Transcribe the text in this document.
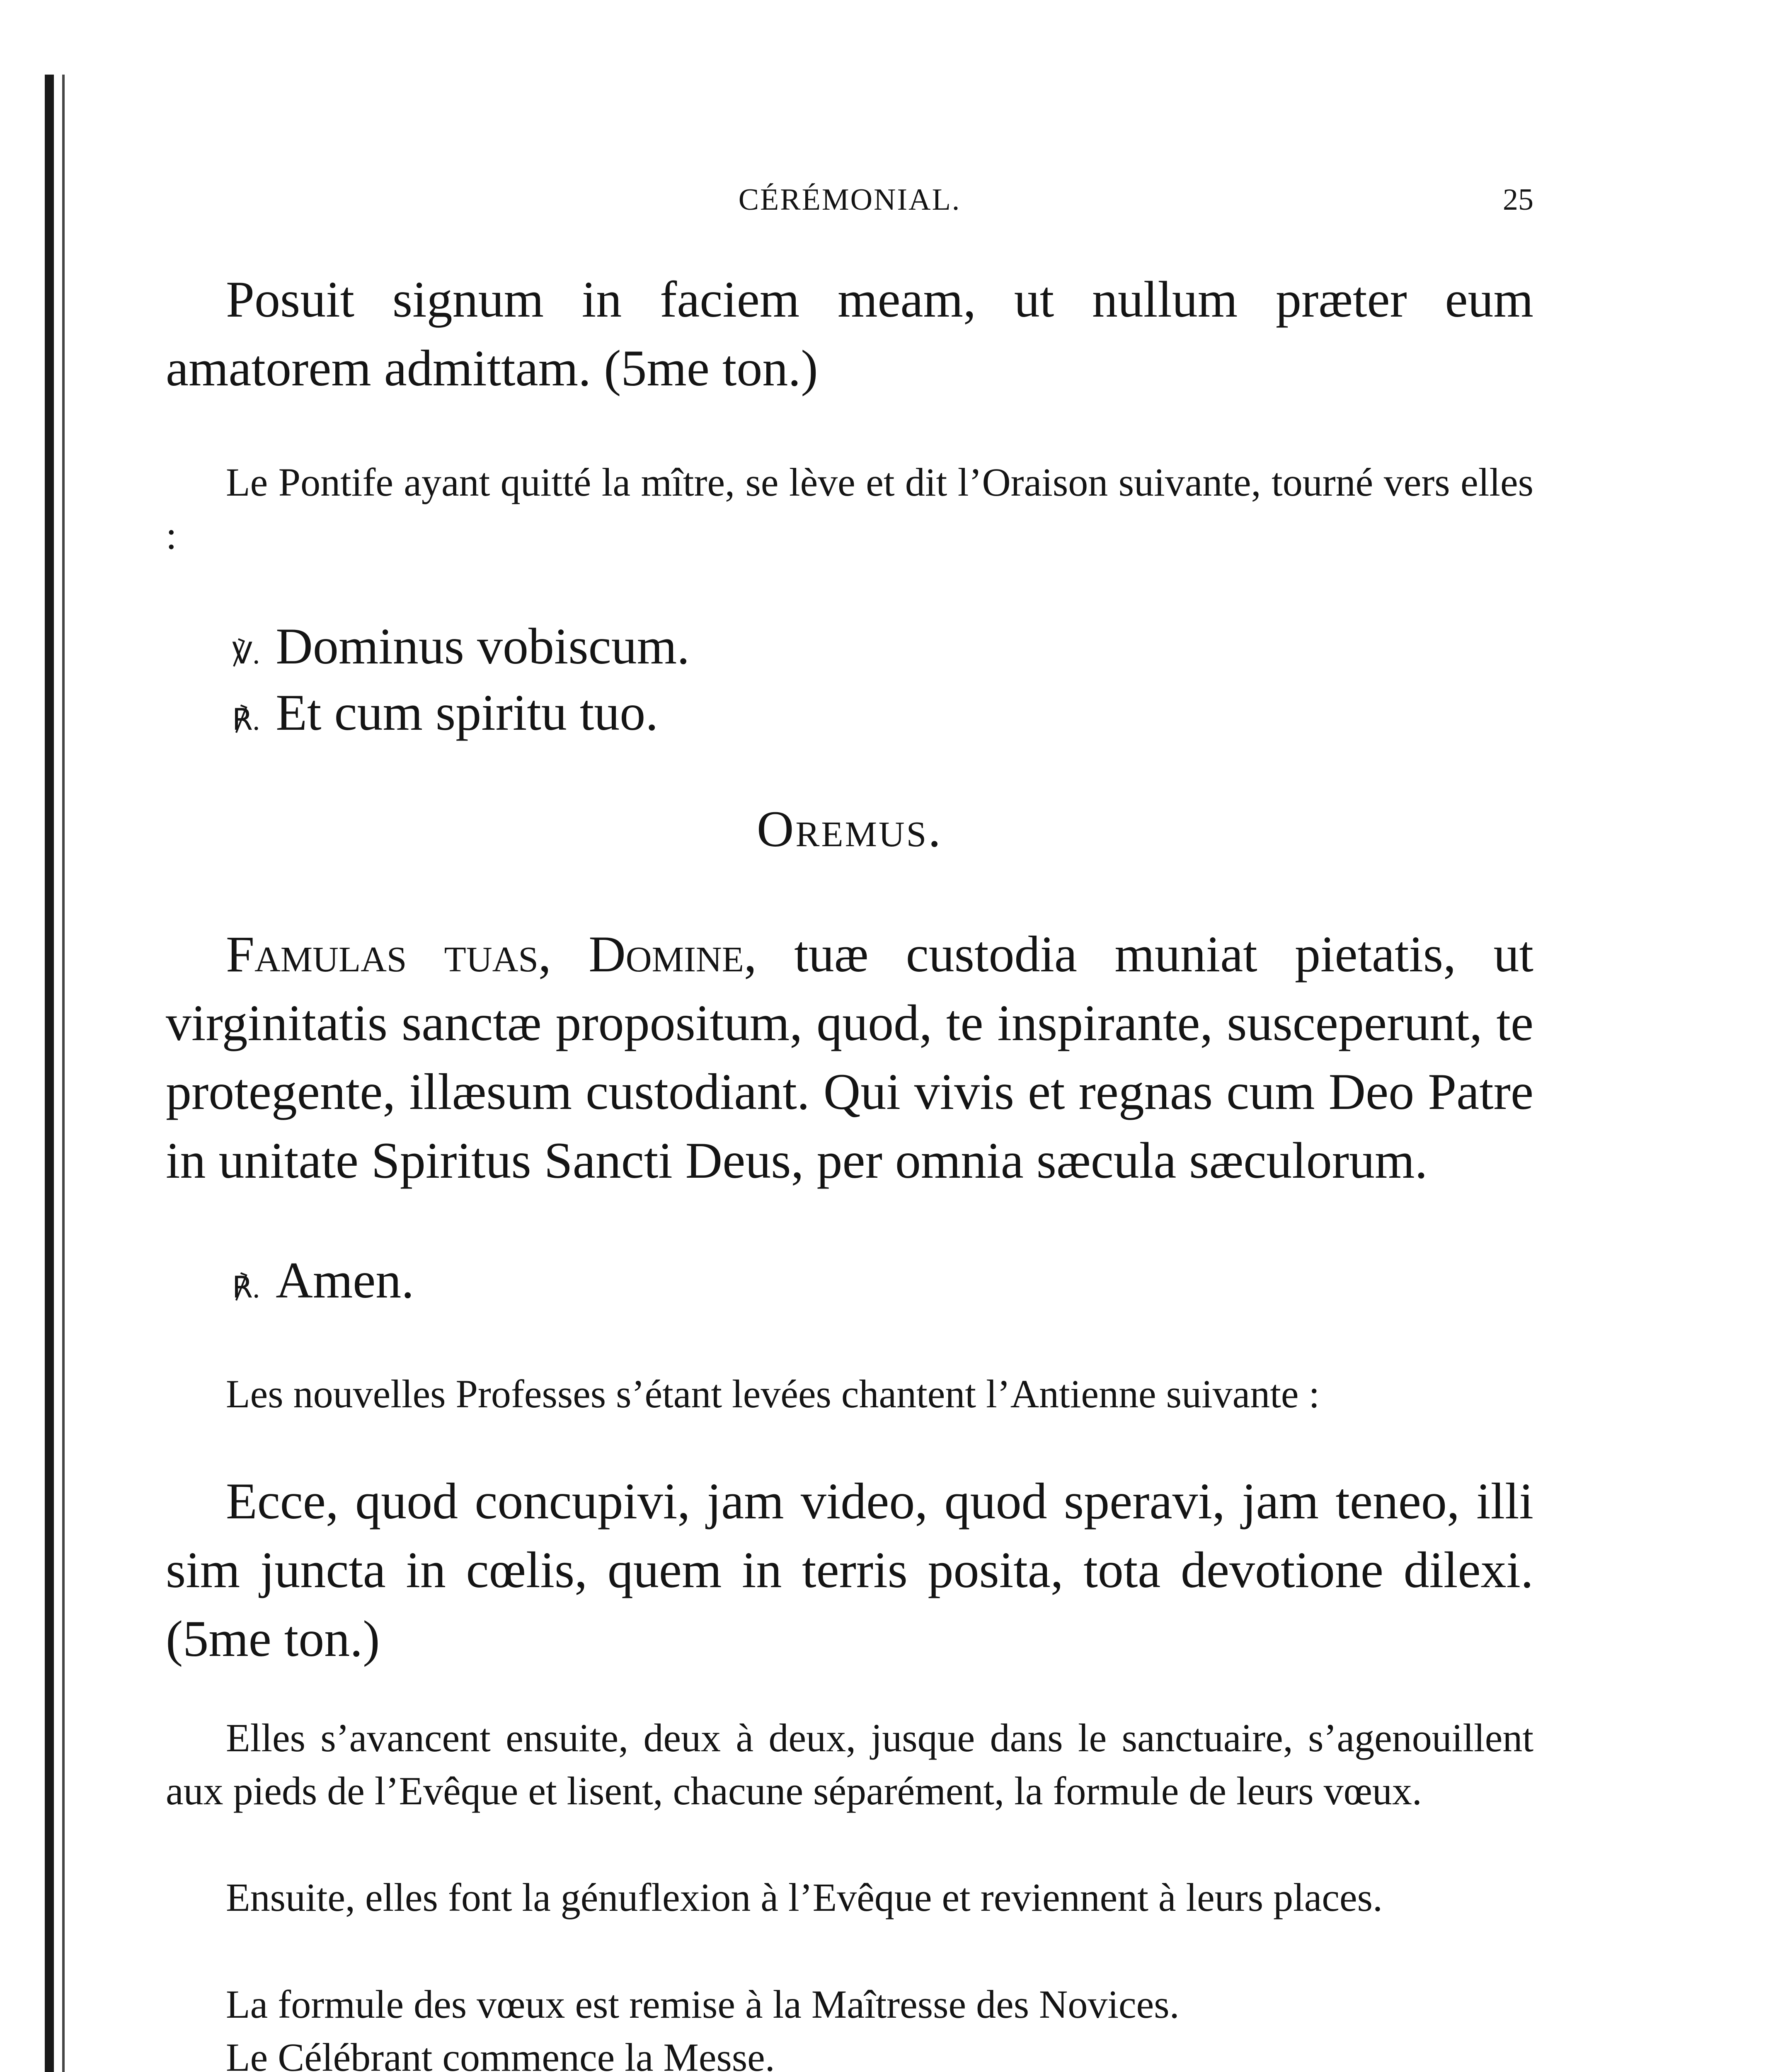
CÉRÉMONIAL.	25

Posuit signum in faciem meam, ut nullum præter eum amatorem admittam. (5me ton.)

Le Pontife ayant quitté la mître, se lève et dit l’Oraison suivante, tourné vers elles :

℣. Dominus vobiscum.
℟. Et cum spiritu tuo.
Oremus.

Famulas tuas, Domine, tuæ custodia muniat pietatis, ut virginitatis sanctæ propositum, quod, te inspirante, susceperunt, te protegente, illæsum custodiant. Qui vivis et regnas cum Deo Patre in unitate Spiritus Sancti Deus, per omnia sæcula sæculorum.

℟. Amen.

Les nouvelles Professes s’étant levées chantent l’Antienne suivante :

Ecce, quod concupivi, jam video, quod speravi, jam teneo, illi sim juncta in cœlis, quem in terris posita, tota devotione dilexi. (5me ton.)

Elles s’avancent ensuite, deux à deux, jusque dans le sanctuaire, s’agenouillent aux pieds de l’Evêque et lisent, chacune séparément, la formule de leurs vœux.

Ensuite, elles font la génuflexion à l’Evêque et reviennent à leurs places.

La formule des vœux est remise à la Maîtresse des Novices.

Le Célébrant commence la Messe.
